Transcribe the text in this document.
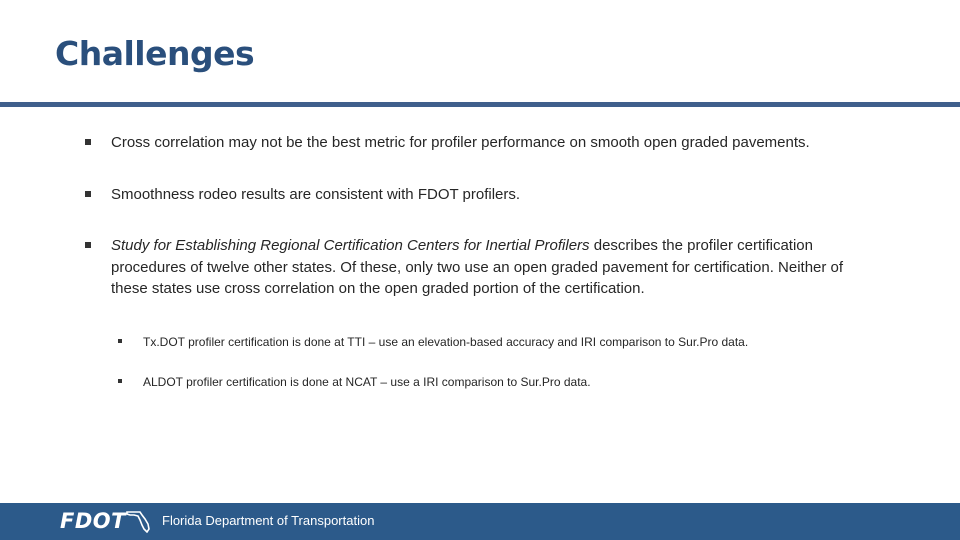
Challenges
Cross correlation may not be the best metric for profiler performance on smooth open graded pavements.
Smoothness rodeo results are consistent with FDOT profilers.
Study for Establishing Regional Certification Centers for Inertial Profilers describes the profiler certification procedures of twelve other states. Of these, only two use an open graded pavement for certification. Neither of these states use cross correlation on the open graded portion of the certification.
Tx.DOT profiler certification is done at TTI – use an elevation-based accuracy and IRI comparison to Sur.Pro data.
ALDOT profiler certification is done at NCAT – use a IRI comparison to Sur.Pro data.
FDOT	Florida Department of Transportation
